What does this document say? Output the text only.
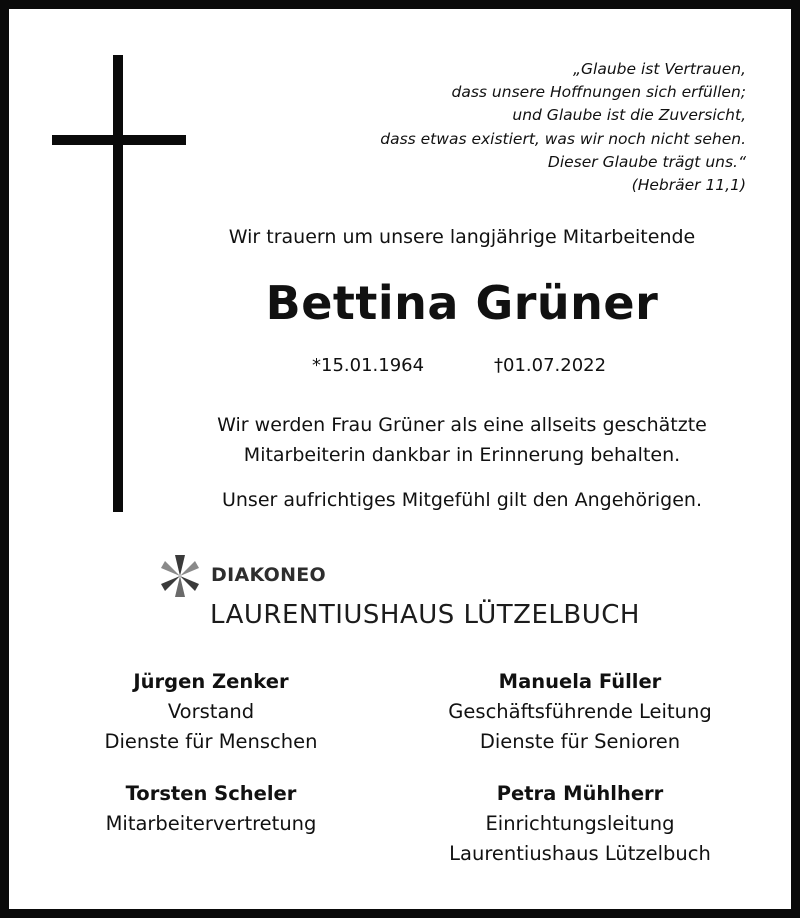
„Glaube ist Vertrauen,
dass unsere Hoffnungen sich erfüllen;
und Glaube ist die Zuversicht,
dass etwas existiert, was wir noch nicht sehen.
Dieser Glaube trägt uns.“
(Hebräer 11,1)
Wir trauern um unsere langjährige Mitarbeitende
Bettina Grüner
*15.01.1964	†01.07.2022
Wir werden Frau Grüner als eine allseits geschätzte
Mitarbeiterin dankbar in Erinnerung behalten.
Unser aufrichtiges Mitgefühl gilt den Angehörigen.
DIAKONEO
LAURENTIUSHAUS LÜTZELBUCH
Jürgen Zenker
Vorstand
Dienste für Menschen
Manuela Füller
Geschäftsführende Leitung
Dienste für Senioren
Torsten Scheler
Mitarbeitervertretung
Petra Mühlherr
Einrichtungsleitung
Laurentiushaus Lützelbuch
